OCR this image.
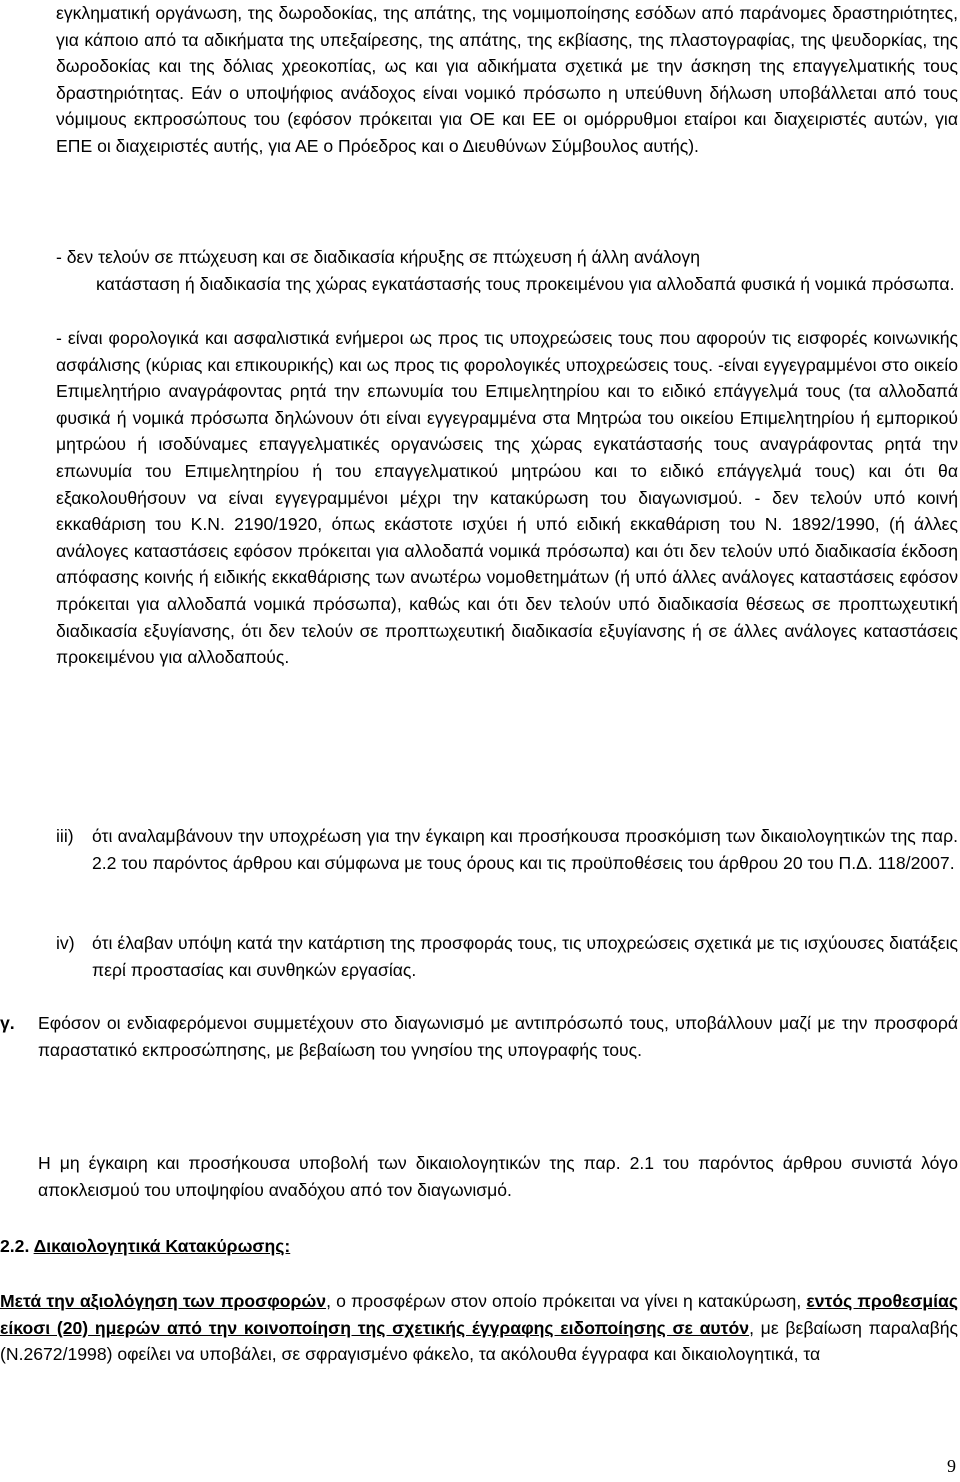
εγκληματική οργάνωση, της δωροδοκίας, της απάτης, της νομιμοποίησης εσόδων από παράνομες δραστηριότητες, για κάποιο από τα αδικήματα της υπεξαίρεσης, της απάτης, της εκβίασης, της πλαστογραφίας, της ψευδορκίας, της δωροδοκίας και της δόλιας χρεοκοπίας, ως και για αδικήματα σχετικά με την άσκηση της επαγγελματικής τους δραστηριότητας. Εάν ο υποψήφιος ανάδοχος είναι νομικό πρόσωπο η υπεύθυνη δήλωση υποβάλλεται από τους νόμιμους εκπροσώπους του (εφόσον πρόκειται για ΟΕ και ΕΕ οι ομόρρυθμοι εταίροι και διαχειριστές αυτών, για ΕΠΕ οι διαχειριστές αυτής, για ΑΕ ο Πρόεδρος και ο Διευθύνων Σύμβουλος αυτής).

- δεν τελούν σε πτώχευση και σε διαδικασία κήρυξης σε πτώχευση ή άλλη ανάλογη

κατάσταση ή διαδικασία της χώρας εγκατάστασής τους προκειμένου για αλλοδαπά φυσικά ή νομικά πρόσωπα.

- είναι φορολογικά και ασφαλιστικά ενήμεροι ως προς τις υποχρεώσεις τους που αφορούν τις εισφορές κοινωνικής ασφάλισης (κύριας και επικουρικής) και ως προς τις φορολογικές υποχρεώσεις τους. -είναι εγγεγραμμένοι στο οικείο Επιμελητήριο αναγράφοντας ρητά την επωνυμία του Επιμελητηρίου και το ειδικό επάγγελμά τους (τα αλλοδαπά φυσικά ή νομικά πρόσωπα δηλώνουν ότι είναι εγγεγραμμένα στα Μητρώα του οικείου Επιμελητηρίου ή εμπορικού μητρώου ή ισοδύναμες επαγγελματικές οργανώσεις της χώρας εγκατάστασής τους αναγράφοντας ρητά την επωνυμία του Επιμελητηρίου ή του επαγγελματικού μητρώου και το ειδικό επάγγελμά τους) και ότι θα εξακολουθήσουν να είναι εγγεγραμμένοι μέχρι την κατακύρωση του διαγωνισμού. - δεν τελούν υπό κοινή εκκαθάριση του Κ.Ν. 2190/1920, όπως εκάστοτε ισχύει ή υπό ειδική εκκαθάριση του Ν. 1892/1990, (ή άλλες ανάλογες καταστάσεις εφόσον πρόκειται για αλλοδαπά νομικά πρόσωπα) και ότι δεν τελούν υπό διαδικασία έκδοση απόφασης κοινής ή ειδικής εκκαθάρισης των ανωτέρω νομοθετημάτων (ή υπό άλλες ανάλογες καταστάσεις εφόσον πρόκειται για αλλοδαπά νομικά πρόσωπα), καθώς και ότι δεν τελούν υπό διαδικασία θέσεως σε προπτωχευτική διαδικασία εξυγίανσης, ότι δεν τελούν σε προπτωχευτική διαδικασία εξυγίανσης ή σε άλλες ανάλογες καταστάσεις προκειμένου για αλλοδαπούς.

iii)	ότι αναλαμβάνουν την υποχρέωση για την έγκαιρη και προσήκουσα προσκόμιση των δικαιολογητικών της παρ. 2.2 του παρόντος άρθρου και σύμφωνα με τους όρους και τις προϋποθέσεις του άρθρου 20 του Π.Δ. 118/2007.

iv) ότι έλαβαν υπόψη κατά την κατάρτιση της προσφοράς τους, τις υποχρεώσεις σχετικά με τις ισχύουσες διατάξεις περί προστασίας και συνθηκών εργασίας.

γ.	Εφόσον οι ενδιαφερόμενοι συμμετέχουν στο διαγωνισμό με αντιπρόσωπό τους, υποβάλλουν μαζί με την προσφορά παραστατικό εκπροσώπησης, με βεβαίωση του γνησίου της υπογραφής τους.

Η μη έγκαιρη και προσήκουσα υποβολή των δικαιολογητικών της παρ. 2.1 του παρόντος άρθρου συνιστά λόγο αποκλεισμού του υποψηφίου αναδόχου από τον διαγωνισμό.

2.2. Δικαιολογητικά Κατακύρωσης:

Μετά την αξιολόγηση των προσφορών, ο προσφέρων στον οποίο πρόκειται να γίνει η κατακύρωση, εντός προθεσμίας είκοσι (20) ημερών από την κοινοποίηση της σχετικής έγγραφης ειδοποίησης σε αυτόν, με βεβαίωση παραλαβής (Ν.2672/1998) οφείλει να υποβάλει, σε σφραγισμένο φάκελο, τα ακόλουθα έγγραφα και δικαιολογητικά, τα

9
